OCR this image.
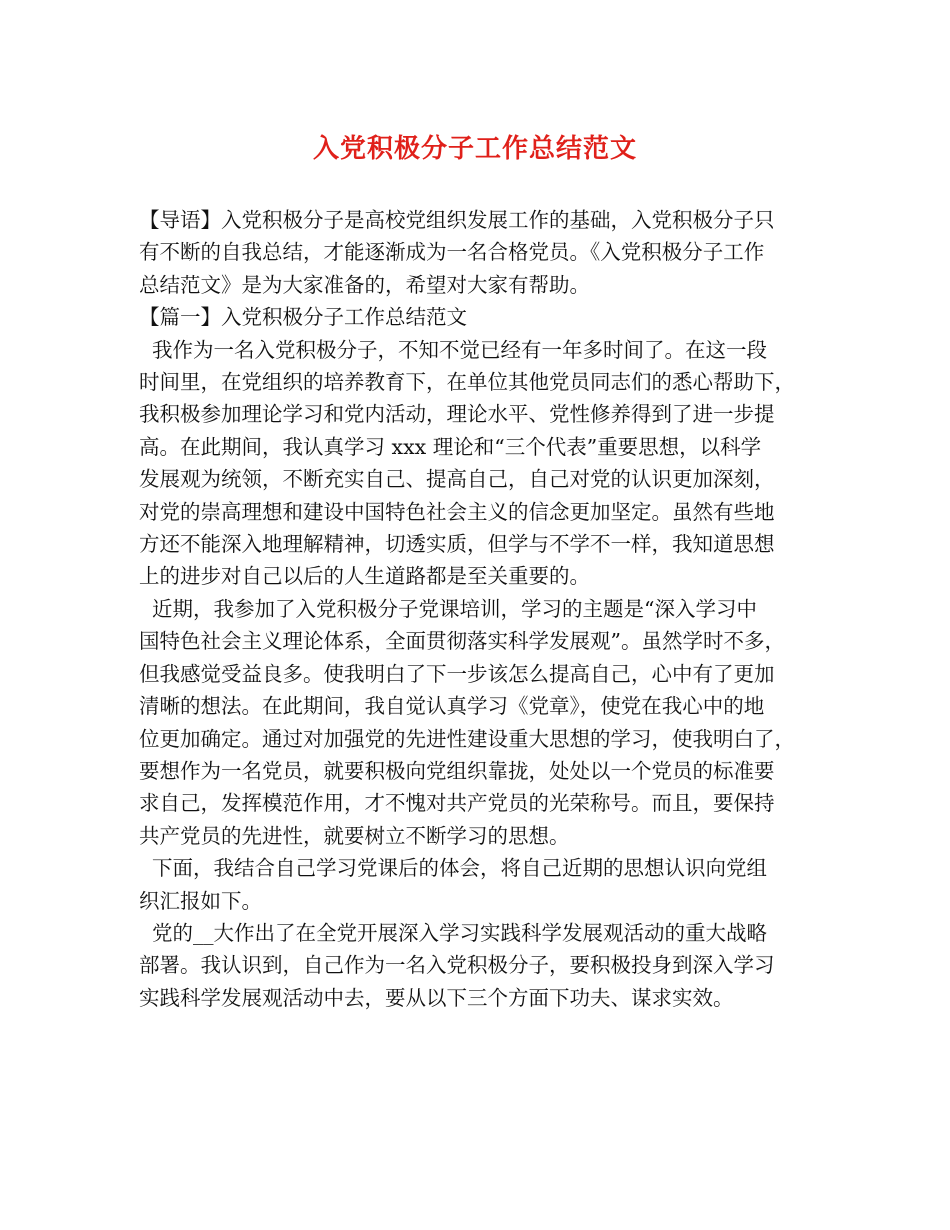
入党积极分子工作总结范文
【导语】入党积极分子是高校党组织发展工作的基础，入党积极分子只
有不断的自我总结，才能逐渐成为一名合格党员。《入党积极分子工作
总结范文》是为大家准备的，希望对大家有帮助。
【篇一】入党积极分子工作总结范文
我作为一名入党积极分子，不知不觉已经有一年多时间了。在这一段
时间里，在党组织的培养教育下，在单位其他党员同志们的悉心帮助下，
我积极参加理论学习和党内活动，理论水平、党性修养得到了进一步提
高。在此期间，我认真学习 xxx 理论和“三个代表”重要思想，以科学
发展观为统领，不断充实自己、提高自己，自己对党的认识更加深刻，
对党的崇高理想和建设中国特色社会主义的信念更加坚定。虽然有些地
方还不能深入地理解精神，切透实质，但学与不学不一样，我知道思想
上的进步对自己以后的人生道路都是至关重要的。
近期，我参加了入党积极分子党课培训，学习的主题是“深入学习中
国特色社会主义理论体系，全面贯彻落实科学发展观”。虽然学时不多，
但我感觉受益良多。使我明白了下一步该怎么提高自己，心中有了更加
清晰的想法。在此期间，我自觉认真学习《党章》，使党在我心中的地
位更加确定。通过对加强党的先进性建设重大思想的学习，使我明白了，
要想作为一名党员，就要积极向党组织靠拢，处处以一个党员的标准要
求自己，发挥模范作用，才不愧对共产党员的光荣称号。而且，要保持
共产党员的先进性，就要树立不断学习的思想。
下面，我结合自己学习党课后的体会，将自己近期的思想认识向党组
织汇报如下。
党的__大作出了在全党开展深入学习实践科学发展观活动的重大战略
部署。我认识到，自己作为一名入党积极分子，要积极投身到深入学习
实践科学发展观活动中去，要从以下三个方面下功夫、谋求实效。
